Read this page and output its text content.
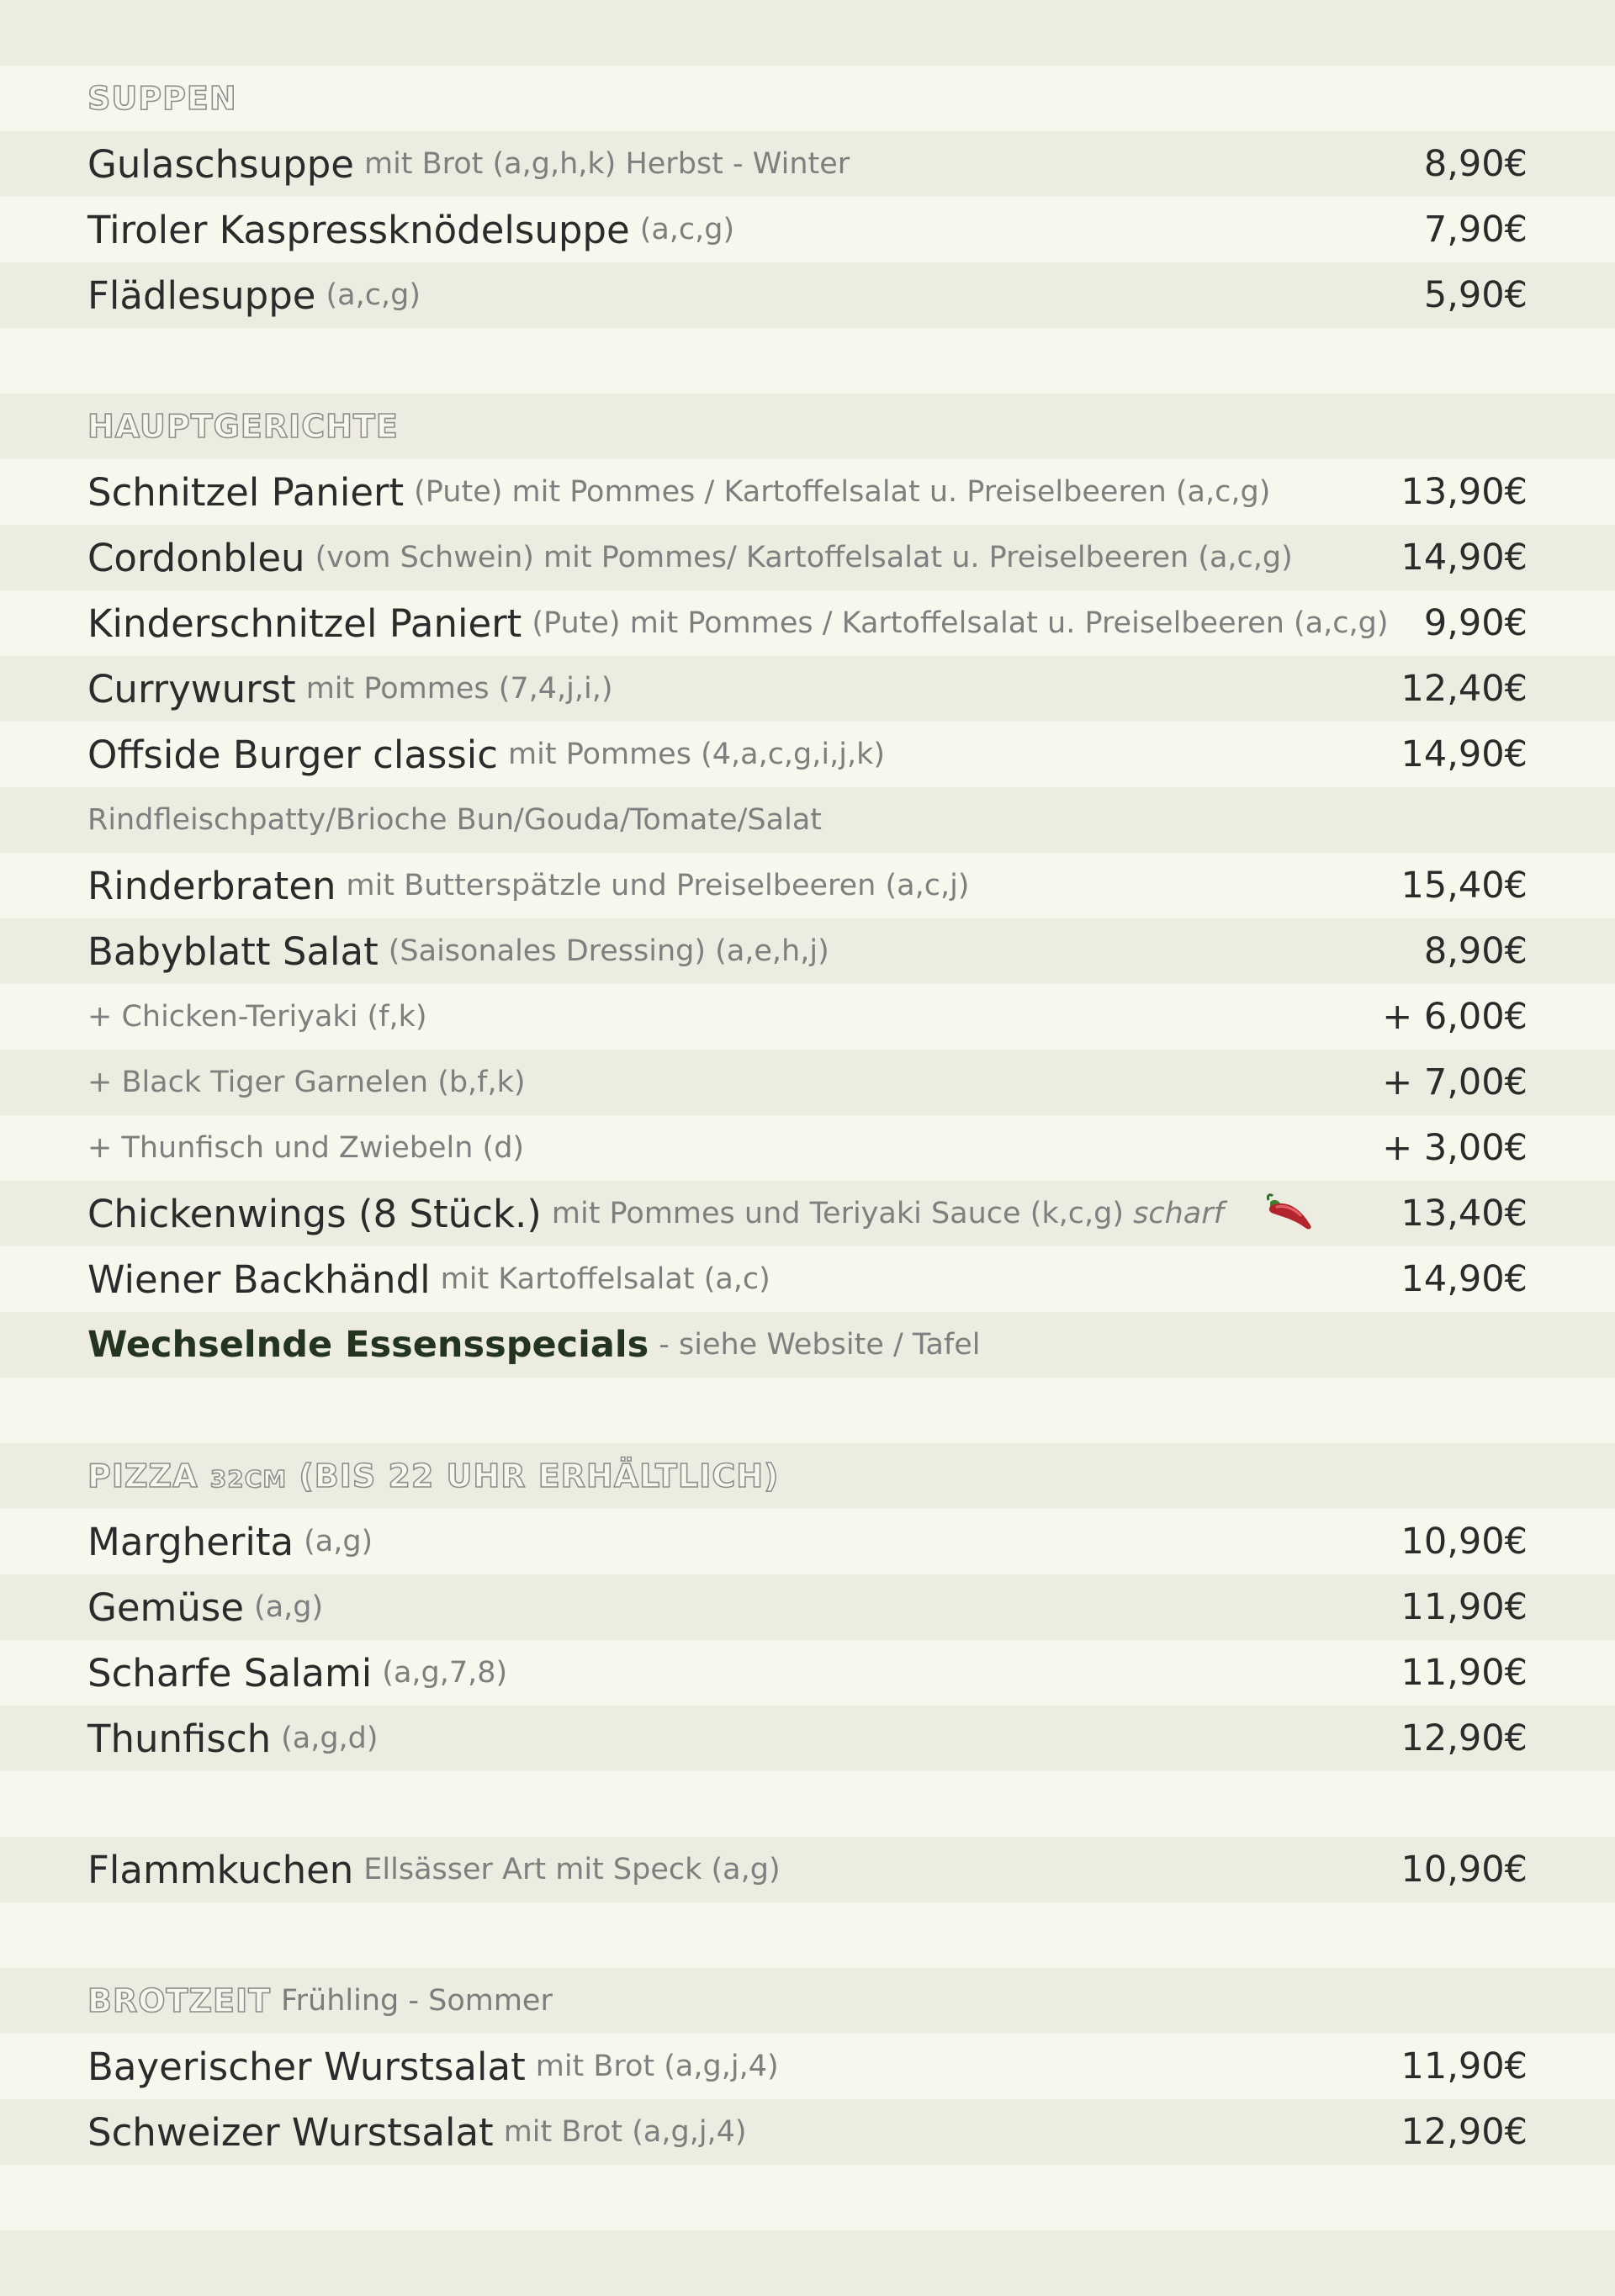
SUPPEN
Gulaschsuppe mit Brot (a,g,h,k) Herbst - Winter	8,90€
Tiroler Kaspressknödelsuppe (a,c,g)	7,90€
Flädlesuppe (a,c,g)	5,90€
HAUPTGERICHTE
Schnitzel Paniert (Pute) mit Pommes / Kartoffelsalat u. Preiselbeeren (a,c,g)	13,90€
Cordonbleu (vom Schwein) mit Pommes/ Kartoffelsalat u. Preiselbeeren (a,c,g)	14,90€
Kinderschnitzel Paniert (Pute) mit Pommes / Kartoffelsalat u. Preiselbeeren (a,c,g) 9,90€
Currywurst mit Pommes (7,4,j,i,)	12,40€
Offside Burger classic mit Pommes (4,a,c,g,i,j,k)	14,90€
Rindfleischpatty/Brioche Bun/Gouda/Tomate/Salat
Rinderbraten mit Butterspätzle und Preiselbeeren (a,c,j)	15,40€
Babyblatt Salat (Saisonales Dressing) (a,e,h,j)	8,90€
+ Chicken-Teriyaki (f,k)	+ 6,00€
+ Black Tiger Garnelen (b,f,k)	+ 7,00€
+ Thunfisch und Zwiebeln (d)	+ 3,00€
Chickenwings (8 Stück.) mit Pommes und Teriyaki Sauce (k,c,g) scharf	13,40€
Wiener Backhändl mit Kartoffelsalat (a,c)	14,90€
Wechselnde Essensspecials - siehe Website / Tafel
PIZZA 32CM (BIS 22 UHR ERHÄLTLICH)
Margherita (a,g)	10,90€
Gemüse (a,g)	11,90€
Scharfe Salami (a,g,7,8)	11,90€
Thunfisch (a,g,d)	12,90€
Flammkuchen Ellsässer Art mit Speck (a,g)	10,90€
BROTZEIT Frühling - Sommer
Bayerischer Wurstsalat mit Brot (a,g,j,4)	11,90€
Schweizer Wurstsalat mit Brot (a,g,j,4)	12,90€
